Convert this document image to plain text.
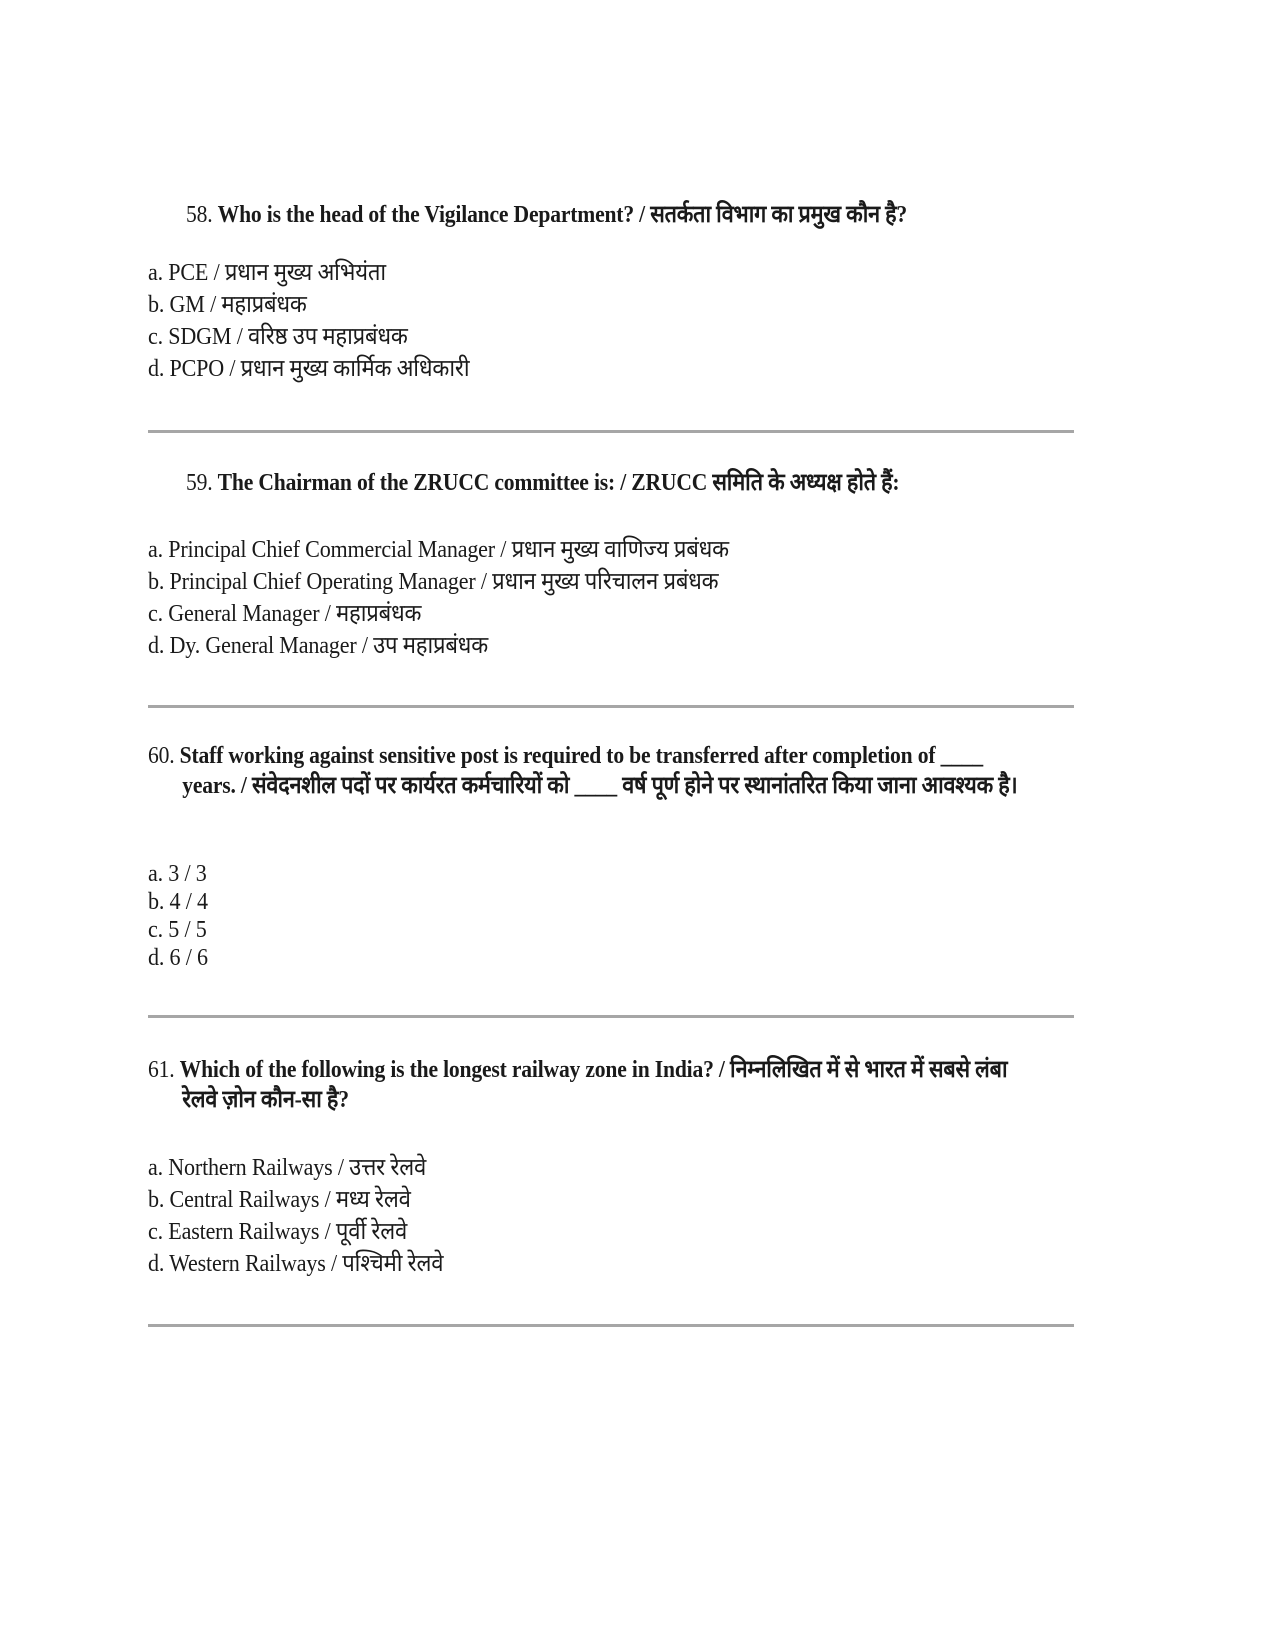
58. Who is the head of the Vigilance Department? / सतर्कता विभाग का प्रमुख कौन है?
a. PCE / प्रधान मुख्य अभियंता
b. GM / महाप्रबंधक
c. SDGM / वरिष्ठ उप महाप्रबंधक
d. PCPO / प्रधान मुख्य कार्मिक अधिकारी
59. The Chairman of the ZRUCC committee is: / ZRUCC समिति के अध्यक्ष होते हैं:
a. Principal Chief Commercial Manager / प्रधान मुख्य वाणिज्य प्रबंधक
b. Principal Chief Operating Manager / प्रधान मुख्य परिचालन प्रबंधक
c. General Manager / महाप्रबंधक
d. Dy. General Manager / उप महाप्रबंधक
60. Staff working against sensitive post is required to be transferred after completion of ____ years. / संवेदनशील पदों पर कार्यरत कर्मचारियों को ____ वर्ष पूर्ण होने पर स्थानांतरित किया जाना आवश्यक है।
a. 3 / 3
b. 4 / 4
c. 5 / 5
d. 6 / 6
61. Which of the following is the longest railway zone in India? / निम्नलिखित में से भारत में सबसे लंबा रेलवे ज़ोन कौन-सा है?
a. Northern Railways / उत्तर रेलवे
b. Central Railways / मध्य रेलवे
c. Eastern Railways / पूर्वी रेलवे
d. Western Railways / पश्चिमी रेलवे
